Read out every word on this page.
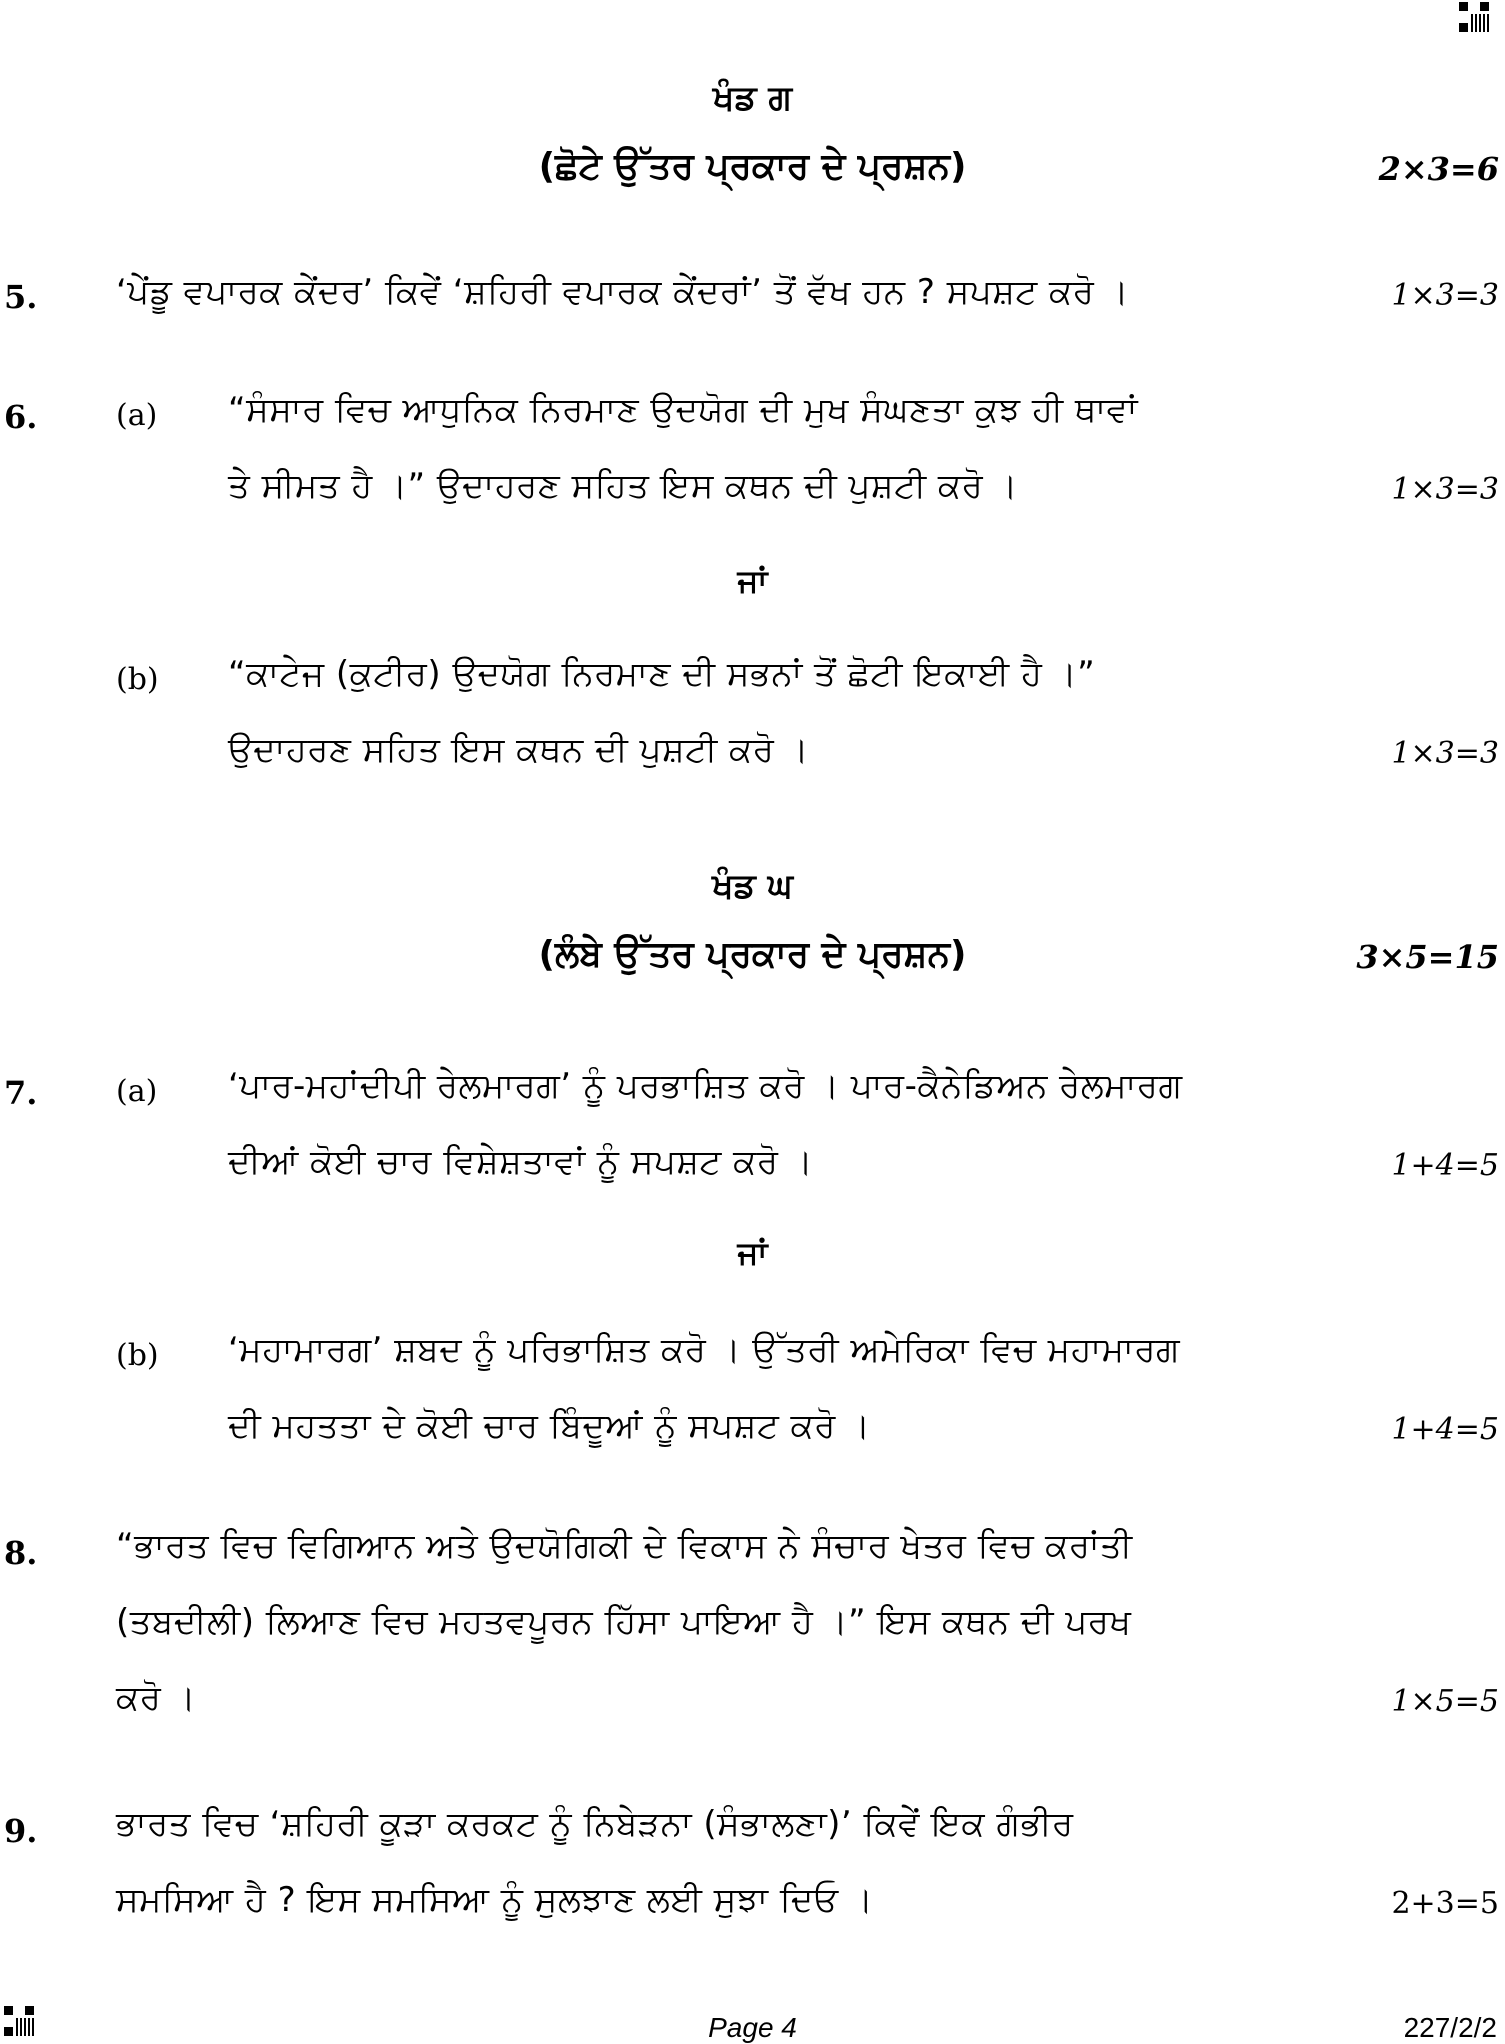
ਖੰਡ ਗ
(ਛੋਟੇ ਉੱਤਰ ਪ੍ਰਕਾਰ ਦੇ ਪ੍ਰਸ਼ਨ)	2×3=6
5. ‘ਪੇਂਡੂ ਵਪਾਰਕ ਕੇਂਦਰ’ ਕਿਵੇਂ ‘ਸ਼ਹਿਰੀ ਵਪਾਰਕ ਕੇਂਦਰਾਂ’ ਤੋਂ ਵੱਖ ਹਨ ? ਸਪਸ਼ਟ ਕਰੋ ।	1×3=3
6.	(a) “ਸੰਸਾਰ ਵਿਚ ਆਧੁਨਿਕ ਨਿਰਮਾਣ ਉਦਯੋਗ ਦੀ ਮੁਖ ਸੰਘਣਤਾ ਕੁਝ ਹੀ ਥਾਵਾਂ
ਤੇ ਸੀਮਤ ਹੈ ।” ਉਦਾਹਰਣ ਸਹਿਤ ਇਸ ਕਥਨ ਦੀ ਪੁਸ਼ਟੀ ਕਰੋ ।	1×3=3
ਜਾਂ
(b) “ਕਾਟੇਜ (ਕੁਟੀਰ) ਉਦਯੋਗ ਨਿਰਮਾਣ ਦੀ ਸਭਨਾਂ ਤੋਂ ਛੋਟੀ ਇਕਾਈ ਹੈ ।”
ਉਦਾਹਰਣ ਸਹਿਤ ਇਸ ਕਥਨ ਦੀ ਪੁਸ਼ਟੀ ਕਰੋ ।	1×3=3
ਖੰਡ ਘ
(ਲੰਬੇ ਉੱਤਰ ਪ੍ਰਕਾਰ ਦੇ ਪ੍ਰਸ਼ਨ)	3×5=15
7.	(a) ‘ਪਾਰ-ਮਹਾਂਦੀਪੀ ਰੇਲਮਾਰਗ’ ਨੂੰ ਪਰਭਾਸ਼ਿਤ ਕਰੋ । ਪਾਰ-ਕੈਨੇਡਿਅਨ ਰੇਲਮਾਰਗ
ਦੀਆਂ ਕੋਈ ਚਾਰ ਵਿਸ਼ੇਸ਼ਤਾਵਾਂ ਨੂੰ ਸਪਸ਼ਟ ਕਰੋ ।	1+4=5
ਜਾਂ
(b) ‘ਮਹਾਮਾਰਗ’ ਸ਼ਬਦ ਨੂੰ ਪਰਿਭਾਸ਼ਿਤ ਕਰੋ । ਉੱਤਰੀ ਅਮੇਰਿਕਾ ਵਿਚ ਮਹਾਮਾਰਗ
ਦੀ ਮਹਤਤਾ ਦੇ ਕੋਈ ਚਾਰ ਬਿੰਦੂਆਂ ਨੂੰ ਸਪਸ਼ਟ ਕਰੋ ।	1+4=5
8. “ਭਾਰਤ ਵਿਚ ਵਿਗਿਆਨ ਅਤੇ ਉਦਯੋਗਿਕੀ ਦੇ ਵਿਕਾਸ ਨੇ ਸੰਚਾਰ ਖੇਤਰ ਵਿਚ ਕਰਾਂਤੀ
(ਤਬਦੀਲੀ) ਲਿਆਣ ਵਿਚ ਮਹਤਵਪੂਰਨ ਹਿੱਸਾ ਪਾਇਆ ਹੈ ।” ਇਸ ਕਥਨ ਦੀ ਪਰਖ
ਕਰੋ ।	1×5=5
9. ਭਾਰਤ ਵਿਚ ‘ਸ਼ਹਿਰੀ ਕੂੜਾ ਕਰਕਟ ਨੂੰ ਨਿਬੇੜਨਾ (ਸੰਭਾਲਣਾ)’ ਕਿਵੇਂ ਇਕ ਗੰਭੀਰ
ਸਮਸਿਆ ਹੈ ? ਇਸ ਸਮਸਿਆ ਨੂੰ ਸੁਲਝਾਣ ਲਈ ਸੁਝਾ ਦਿਓ ।	2+3=5
Page 4	227/2/2
